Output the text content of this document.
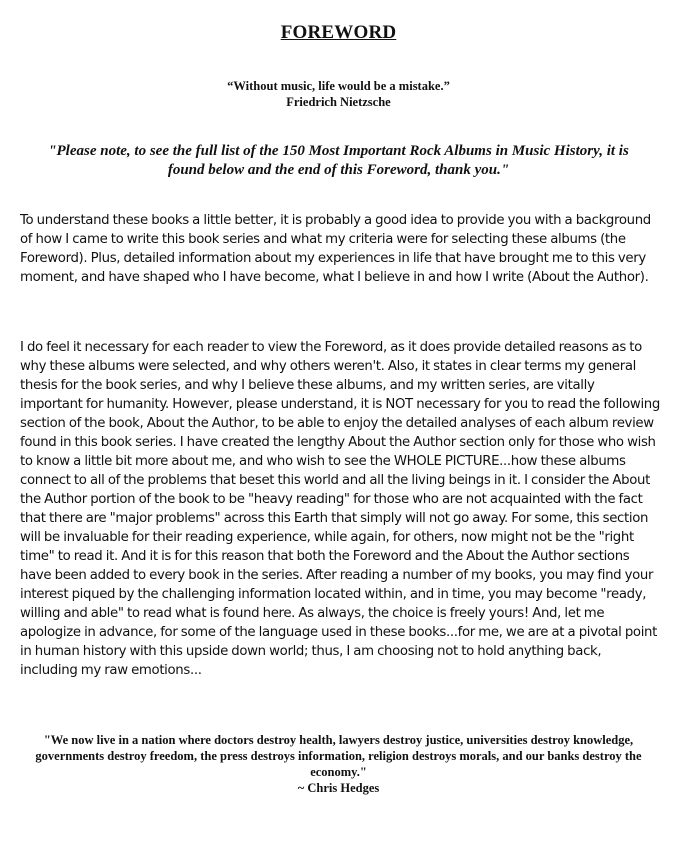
FOREWORD
“Without music, life would be a mistake.”
Friedrich Nietzsche
"Please note, to see the full list of the 150 Most Important Rock Albums in Music History, it is found below and the end of this Foreword, thank you."
To understand these books a little better, it is probably a good idea to provide you with a background of how I came to write this book series and what my criteria were for selecting these albums (the Foreword). Plus, detailed information about my experiences in life that have brought me to this very moment, and have shaped who I have become, what I believe in and how I write (About the Author).
I do feel it necessary for each reader to view the Foreword, as it does provide detailed reasons as to why these albums were selected, and why others weren't. Also, it states in clear terms my general thesis for the book series, and why I believe these albums, and my written series, are vitally important for humanity. However, please understand, it is NOT necessary for you to read the following section of the book, About the Author, to be able to enjoy the detailed analyses of each album review found in this book series. I have created the lengthy About the Author section only for those who wish to know a little bit more about me, and who wish to see the WHOLE PICTURE...how these albums connect to all of the problems that beset this world and all the living beings in it. I consider the About the Author portion of the book to be "heavy reading" for those who are not acquainted with the fact that there are "major problems" across this Earth that simply will not go away. For some, this section will be invaluable for their reading experience, while again, for others, now might not be the "right time" to read it. And it is for this reason that both the Foreword and the About the Author sections have been added to every book in the series. After reading a number of my books, you may find your interest piqued by the challenging information located within, and in time, you may become "ready, willing and able" to read what is found here. As always, the choice is freely yours! And, let me apologize in advance, for some of the language used in these books...for me, we are at a pivotal point in human history with this upside down world; thus, I am choosing not to hold anything back, including my raw emotions...
"We now live in a nation where doctors destroy health, lawyers destroy justice, universities destroy knowledge, governments destroy freedom, the press destroys information, religion destroys morals, and our banks destroy the economy."
~ Chris Hedges
